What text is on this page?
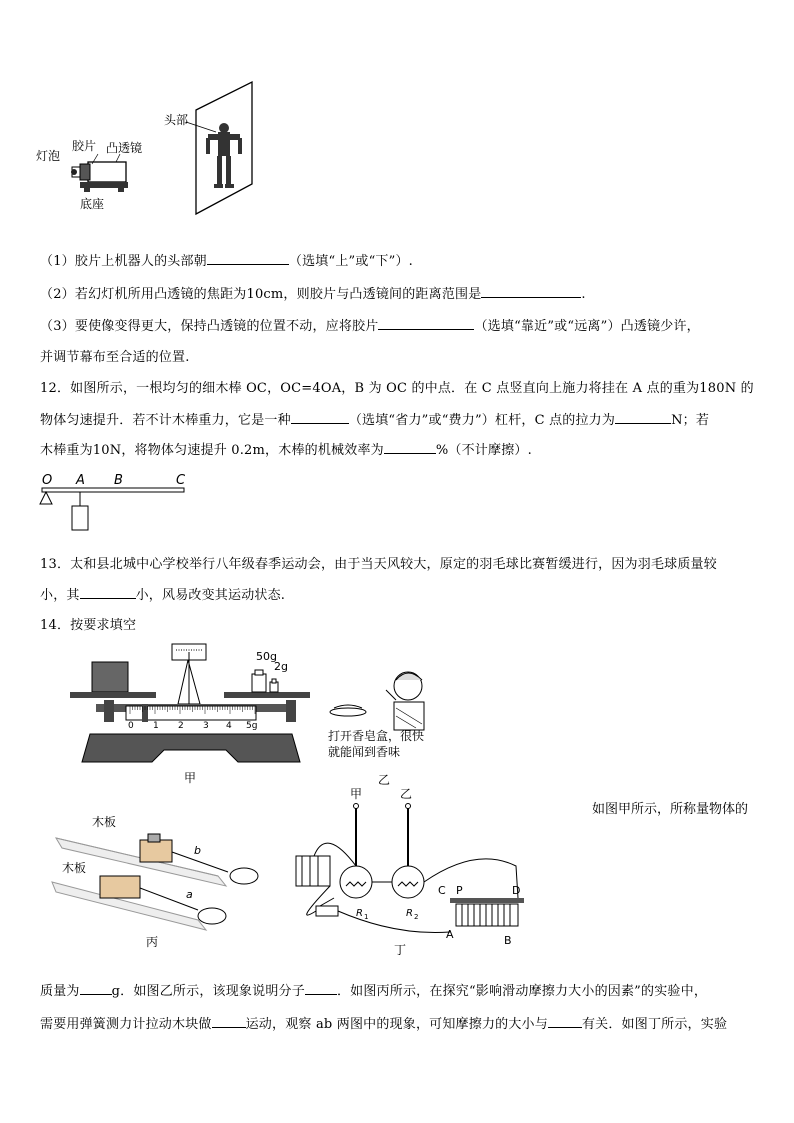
头部
胶片 凸透镜
灯泡
底座
（1）胶片上机器人的头部朝	（选填“上”或“下”）.
（2）若幻灯机所用凸透镜的焦距为10cm，则胶片与凸透镜间的距离范围是	.
（3）要使像变得更大，保持凸透镜的位置不动，应将胶片	（选填“靠近”或“远离”）凸透镜少许，
并调节幕布至合适的位置.
12．如图所示，一根均匀的细木棒 OC，OC=4OA，B 为 OC 的中点．在 C 点竖直向上施力将挂在 A 点的重为180N 的
物体匀速提升．若不计木棒重力，它是一种	（选填“省力”或“费力”）杠杆，C 点的拉力为	N；若
木棒重为10N，将物体匀速提升 0.2m，木棒的机械效率为	%（不计摩擦）.
O A B	C
13．太和县北城中心学校举行八年级春季运动会，由于当天风较大，原定的羽毛球比赛暂缓进行，因为羽毛球质量较
小，其	小，风易改变其运动状态.
14．按要求填空
50g
2g
0 1 2 3 4 5g
甲
打开香皂盒，很快
就能闻到香味
乙
木板
木板
b
a
丙
甲	乙
R 1	R 2
C P	D
A	B
丁
如图甲所示，所称量物体的
质量为 g．如图乙所示，该现象说明分子 ．如图丙所示，在探究“影响滑动摩擦力大小的因素”的实验中，
需要用弹簧测力计拉动木块做	运动，观察 ab 两图中的现象，可知摩擦力的大小与	有关．如图丁所示，实验
